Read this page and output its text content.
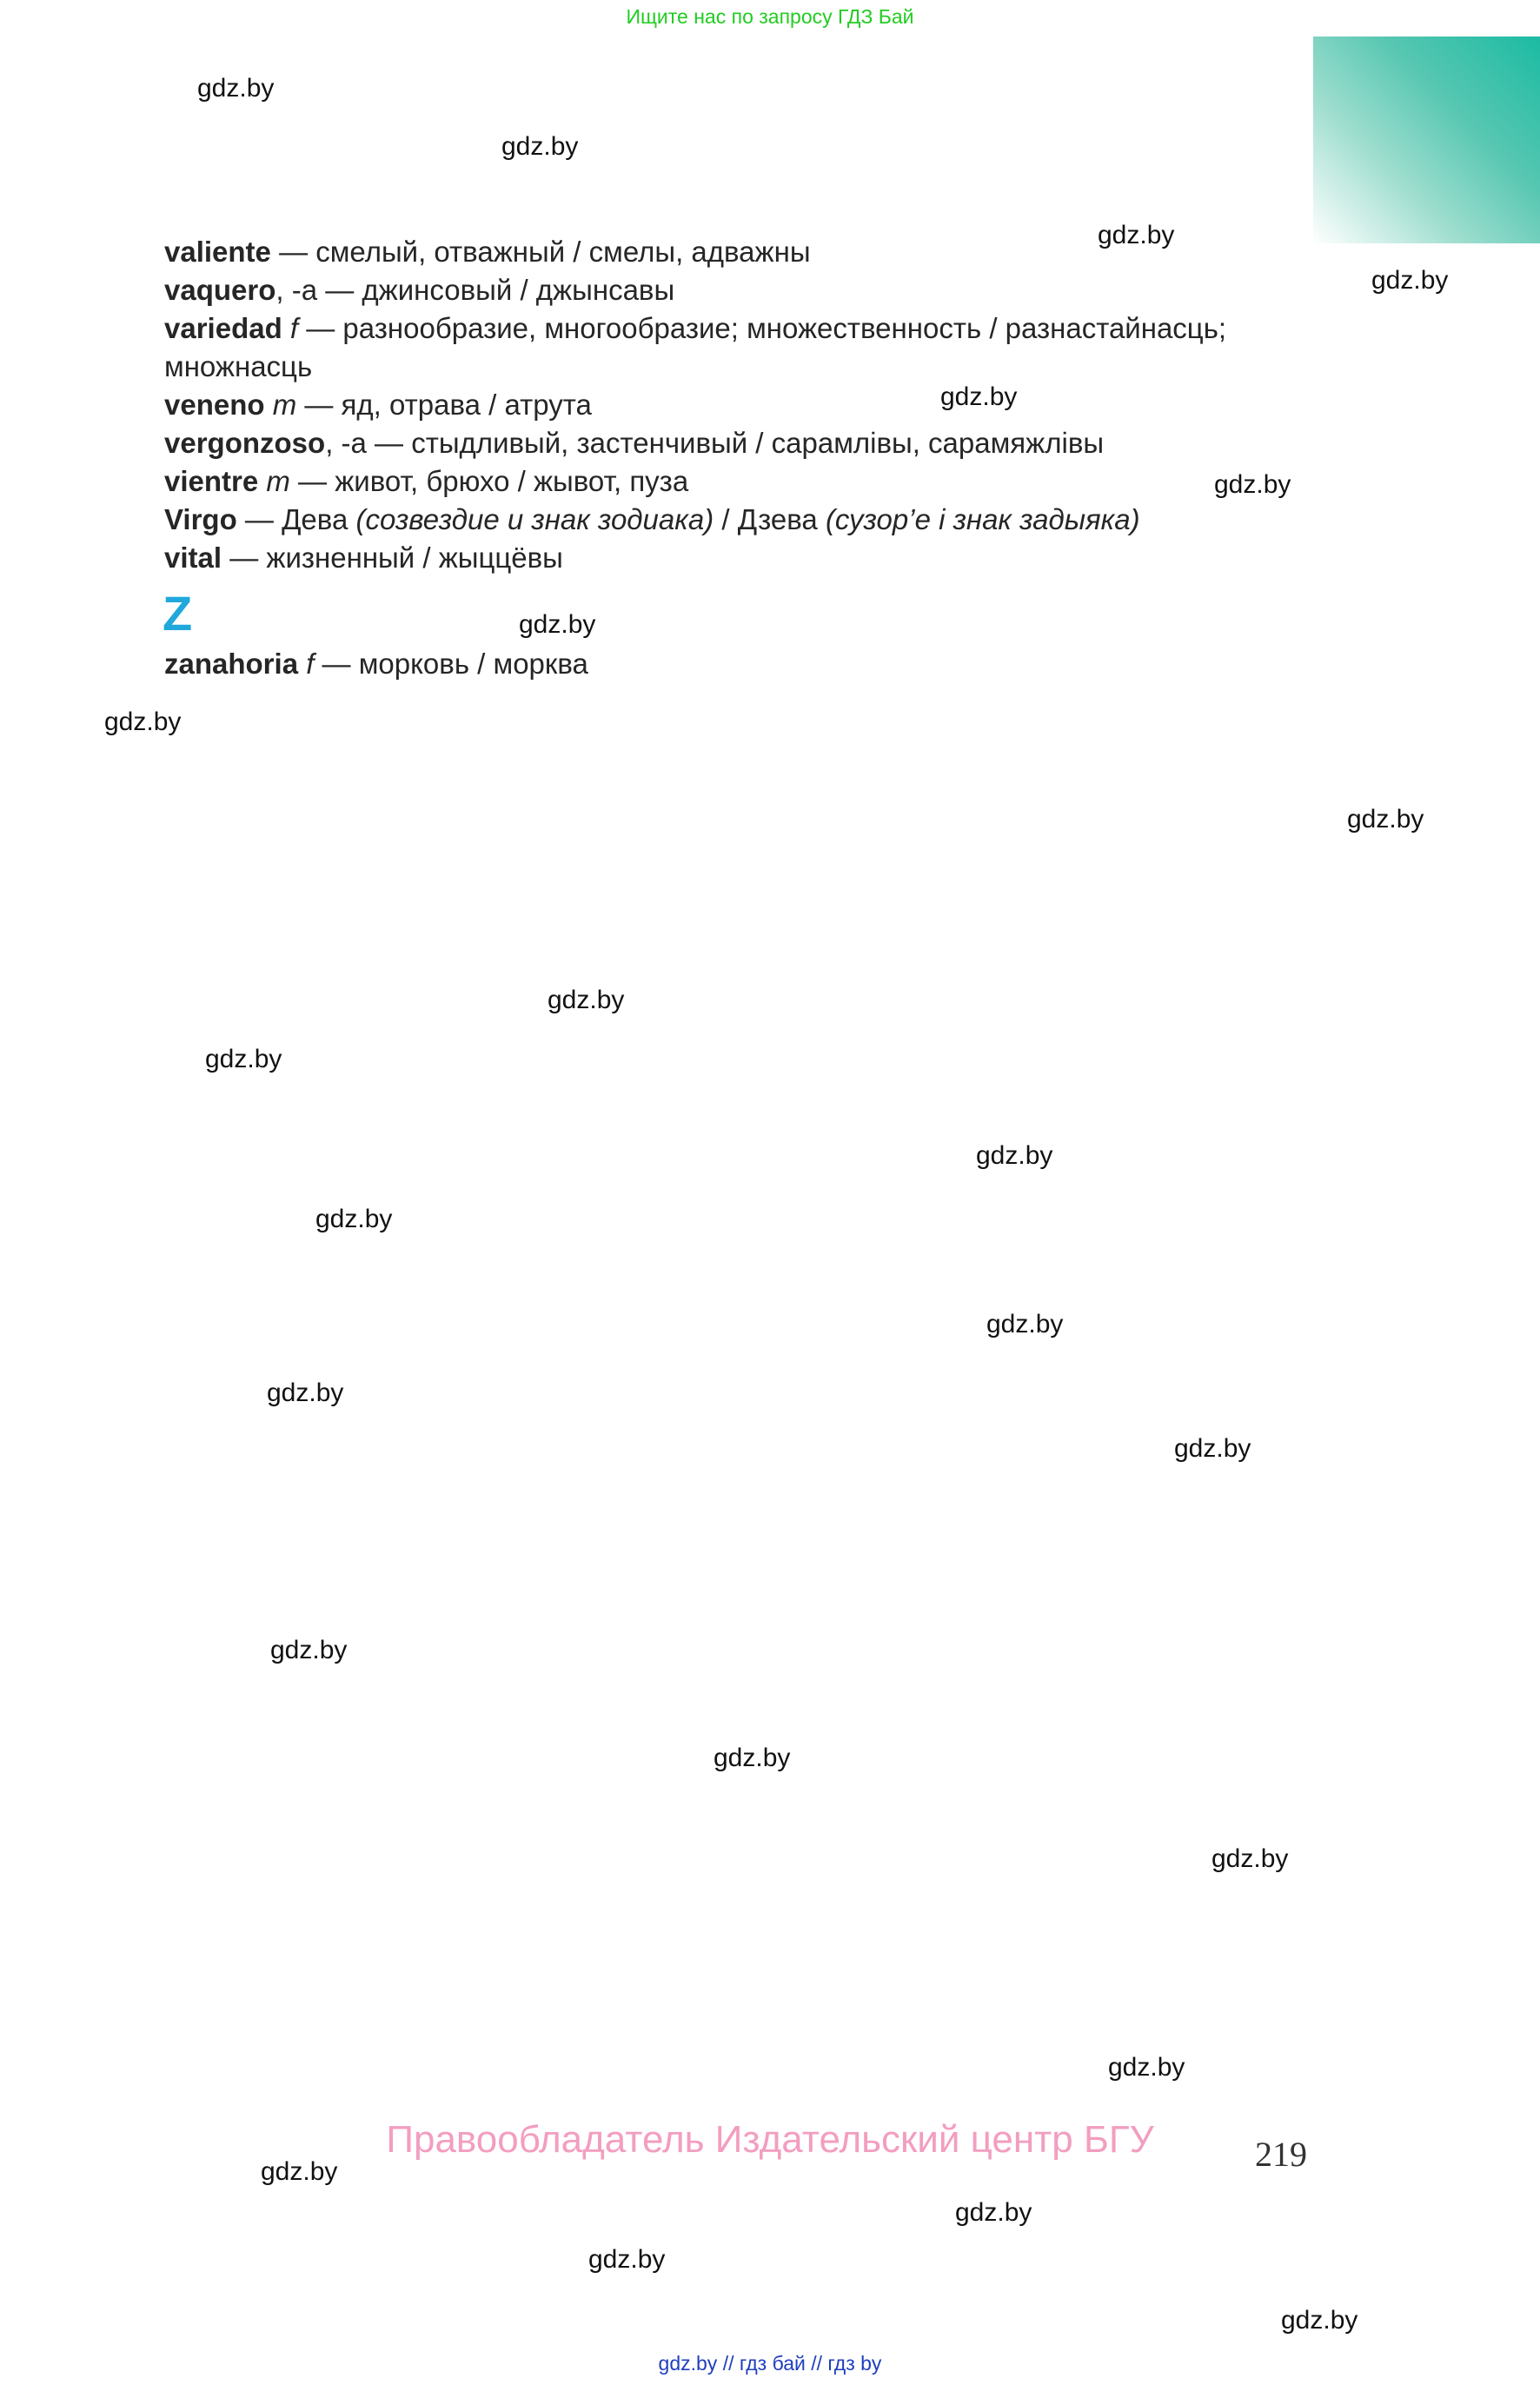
Ищите нас по запросу ГДЗ Бай

valiente — смелый, отважный / смелы, адважны

vaquero, -a — джинсовый / джынсавы

variedad f — разнообразие, многообразие; множественность / разнастайнасць; множнасць

veneno m — яд, отрава / атрута

vergonzoso, -a — стыдливый, застенчивый / сарамлівы, сарамяжлівы

vientre m — живот, брюхо / жывот, пуза

Virgo — Дева (созвездие и знак зодиака) / Дзева (сузор’е і знак задыяка)

vital — жизненный / жыццёвы

Z

zanahoria f — морковь / морква

gdz.by
gdz.by
gdz.by
gdz.by
gdz.by
gdz.by
gdz.by
gdz.by
gdz.by
gdz.by
gdz.by
gdz.by
gdz.by
gdz.by
gdz.by
gdz.by
gdz.by
gdz.by
gdz.by
gdz.by
gdz.by
gdz.by
gdz.by
gdz.by
Правообладатель Издательский центр БГУ	219
gdz.by // гдз бай // гдз by
